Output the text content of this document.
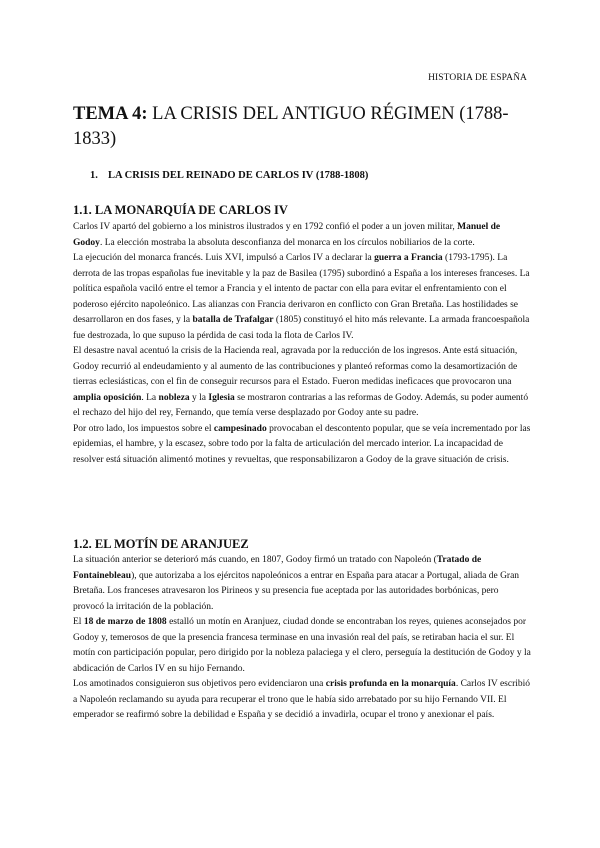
HISTORIA DE ESPAÑA
TEMA 4: LA CRISIS DEL ANTIGUO RÉGIMEN (1788-1833)
1. LA CRISIS DEL REINADO DE CARLOS IV (1788-1808)
1.1. LA MONARQUÍA DE CARLOS IV

Carlos IV apartó del gobierno a los ministros ilustrados y en 1792 confió el poder a un joven militar, Manuel de Godoy. La elección mostraba la absoluta desconfianza del monarca en los círculos nobiliarios de la corte.

La ejecución del monarca francés. Luis XVI, impulsó a Carlos IV a declarar la guerra a Francia (1793-1795). La derrota de las tropas españolas fue inevitable y la paz de Basilea (1795) subordinó a España a los intereses franceses. La política española vaciló entre el temor a Francia y el intento de pactar con ella para evitar el enfrentamiento con el poderoso ejército napoleónico. Las alianzas con Francia derivaron en conflicto con Gran Bretaña. Las hostilidades se desarrollaron en dos fases, y la batalla de Trafalgar (1805) constituyó el hito más relevante. La armada francoespañola fue destrozada, lo que supuso la pérdida de casi toda la flota de Carlos IV.

El desastre naval acentuó la crisis de la Hacienda real, agravada por la reducción de los ingresos. Ante está situación, Godoy recurrió al endeudamiento y al aumento de las contribuciones y planteó reformas como la desamortización de tierras eclesiásticas, con el fin de conseguir recursos para el Estado. Fueron medidas ineficaces que provocaron una amplia oposición. La nobleza y la Iglesia se mostraron contrarias a las reformas de Godoy. Además, su poder aumentó el rechazo del hijo del rey, Fernando, que temía verse desplazado por Godoy ante su padre.

Por otro lado, los impuestos sobre el campesinado provocaban el descontento popular, que se veía incrementado por las epidemias, el hambre, y la escasez, sobre todo por la falta de articulación del mercado interior. La incapacidad de resolver está situación alimentó motines y revueltas, que responsabilizaron a Godoy de la grave situación de crisis.

1.2. EL MOTÍN DE ARANJUEZ

La situación anterior se deterioró más cuando, en 1807, Godoy firmó un tratado con Napoleón (Tratado de Fontainebleau), que autorizaba a los ejércitos napoleónicos a entrar en España para atacar a Portugal, aliada de Gran Bretaña. Los franceses atravesaron los Pirineos y su presencia fue aceptada por las autoridades borbónicas, pero provocó la irritación de la población.

El 18 de marzo de 1808 estalló un motín en Aranjuez, ciudad donde se encontraban los reyes, quienes aconsejados por Godoy y, temerosos de que la presencia francesa terminase en una invasión real del país, se retiraban hacia el sur. El motín con participación popular, pero dirigido por la nobleza palaciega y el clero, perseguía la destitución de Godoy y la abdicación de Carlos IV en su hijo Fernando.

Los amotinados consiguieron sus objetivos pero evidenciaron una crisis profunda en la monarquía. Carlos IV escribió a Napoleón reclamando su ayuda para recuperar el trono que le había sido arrebatado por su hijo Fernando VII. El emperador se reafirmó sobre la debilidad e España y se decidió a invadirla, ocupar el trono y anexionar el país.
